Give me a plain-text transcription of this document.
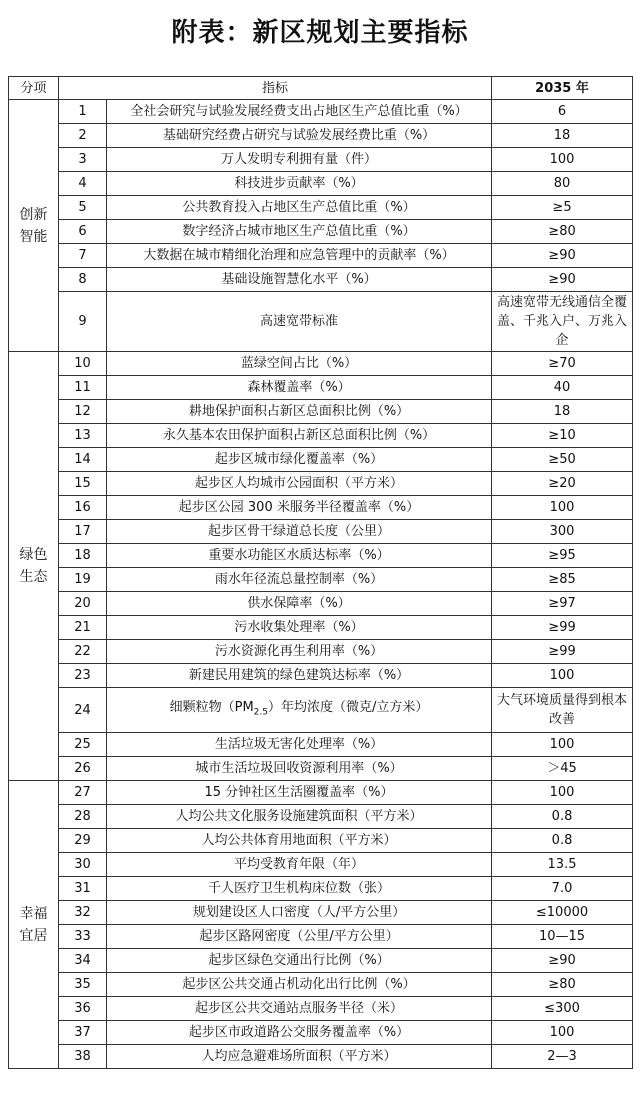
附表：新区规划主要指标
分项	指标		2035 年

创新
智能	1	全社会研究与试验发展经费支出占地区生产总值比重（%）	6
	2	基础研究经费占研究与试验发展经费比重（%）	18
	3	万人发明专利拥有量（件）	100
	4	科技进步贡献率（%）	80
	5	公共教育投入占地区生产总值比重（%）	≥5
	6	数字经济占城市地区生产总值比重（%）	≥80
	7	大数据在城市精细化治理和应急管理中的贡献率（%）	≥90
	8	基础设施智慧化水平（%）	≥90
	9	高速宽带标准	高速宽带无线通信全覆盖、千兆入户、万兆入企

绿色
生态	10	蓝绿空间占比（%）	≥70
	11	森林覆盖率（%）	40
	12	耕地保护面积占新区总面积比例（%）	18
	13	永久基本农田保护面积占新区总面积比例（%）	≥10
	14	起步区城市绿化覆盖率（%）	≥50
	15	起步区人均城市公园面积（平方米）	≥20
	16	起步区公园 300 米服务半径覆盖率（%）	100
	17	起步区骨干绿道总长度（公里）	300
	18	重要水功能区水质达标率（%）	≥95
	19	雨水年径流总量控制率（%）	≥85
	20	供水保障率（%）	≥97
	21	污水收集处理率（%）	≥99
	22	污水资源化再生利用率（%）	≥99
	23	新建民用建筑的绿色建筑达标率（%）	100
	24	细颗粒物$(PM_{2.5})$年均浓度（微克/立方米）	大气环境质量得到根本改善
	25	生活垃圾无害化处理率（%）	100
	26	城市生活垃圾回收资源利用率（%）	＞45

幸福
宜居	27	15 分钟社区生活圈覆盖率（%）	100
	28	人均公共文化服务设施建筑面积（平方米）	0.8
	29	人均公共体育用地面积（平方米）	0.8
	30	平均受教育年限（年）	13.5
	31	千人医疗卫生机构床位数（张）	7.0
	32	规划建设区人口密度（人/平方公里）	≤10000
	33	起步区路网密度（公里/平方公里）	10—15
	34	起步区绿色交通出行比例（%）	≥90
	35	起步区公共交通占机动化出行比例（%）	≥80
	36	起步区公共交通站点服务半径（米）	≤300
	37	起步区市政道路公交服务覆盖率（%）	100
	38	人均应急避难场所面积（平方米）	2—3
